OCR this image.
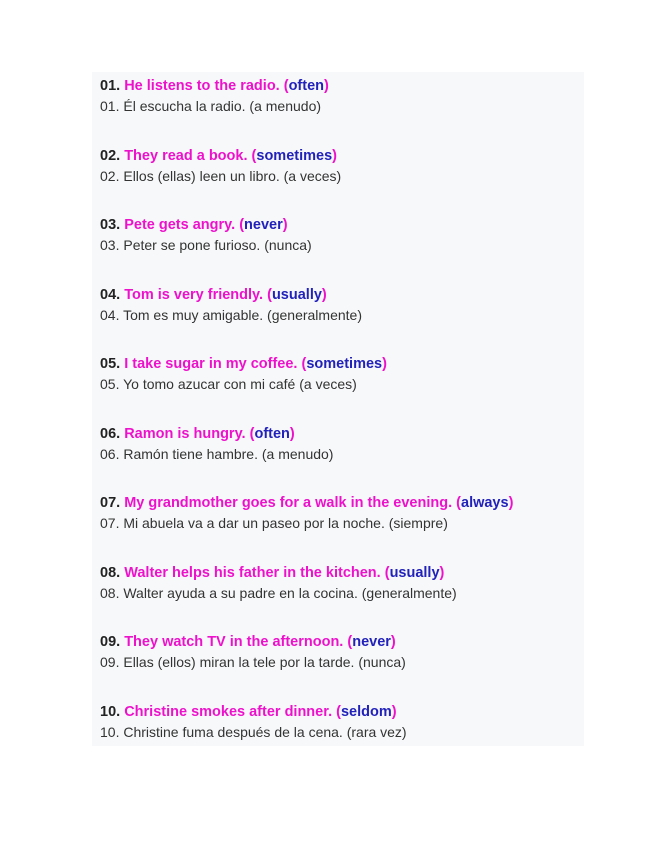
01. He listens to the radio. (often)
01. Él escucha la radio. (a menudo)
02. They read a book. (sometimes)
02. Ellos (ellas) leen un libro. (a veces)
03. Pete gets angry. (never)
03. Peter se pone furioso. (nunca)
04. Tom is very friendly. (usually)
04. Tom es muy amigable. (generalmente)
05. I take sugar in my coffee. (sometimes)
05. Yo tomo azucar con mi café (a veces)
06. Ramon is hungry. (often)
06. Ramón tiene hambre. (a menudo)
07. My grandmother goes for a walk in the evening. (always)
07. Mi abuela va a dar un paseo por la noche. (siempre)
08. Walter helps his father in the kitchen. (usually)
08. Walter ayuda a su padre en la cocina. (generalmente)
09. They watch TV in the afternoon. (never)
09. Ellas (ellos) miran la tele por la tarde. (nunca)
10. Christine smokes after dinner. (seldom)
10. Christine fuma después de la cena. (rara vez)
